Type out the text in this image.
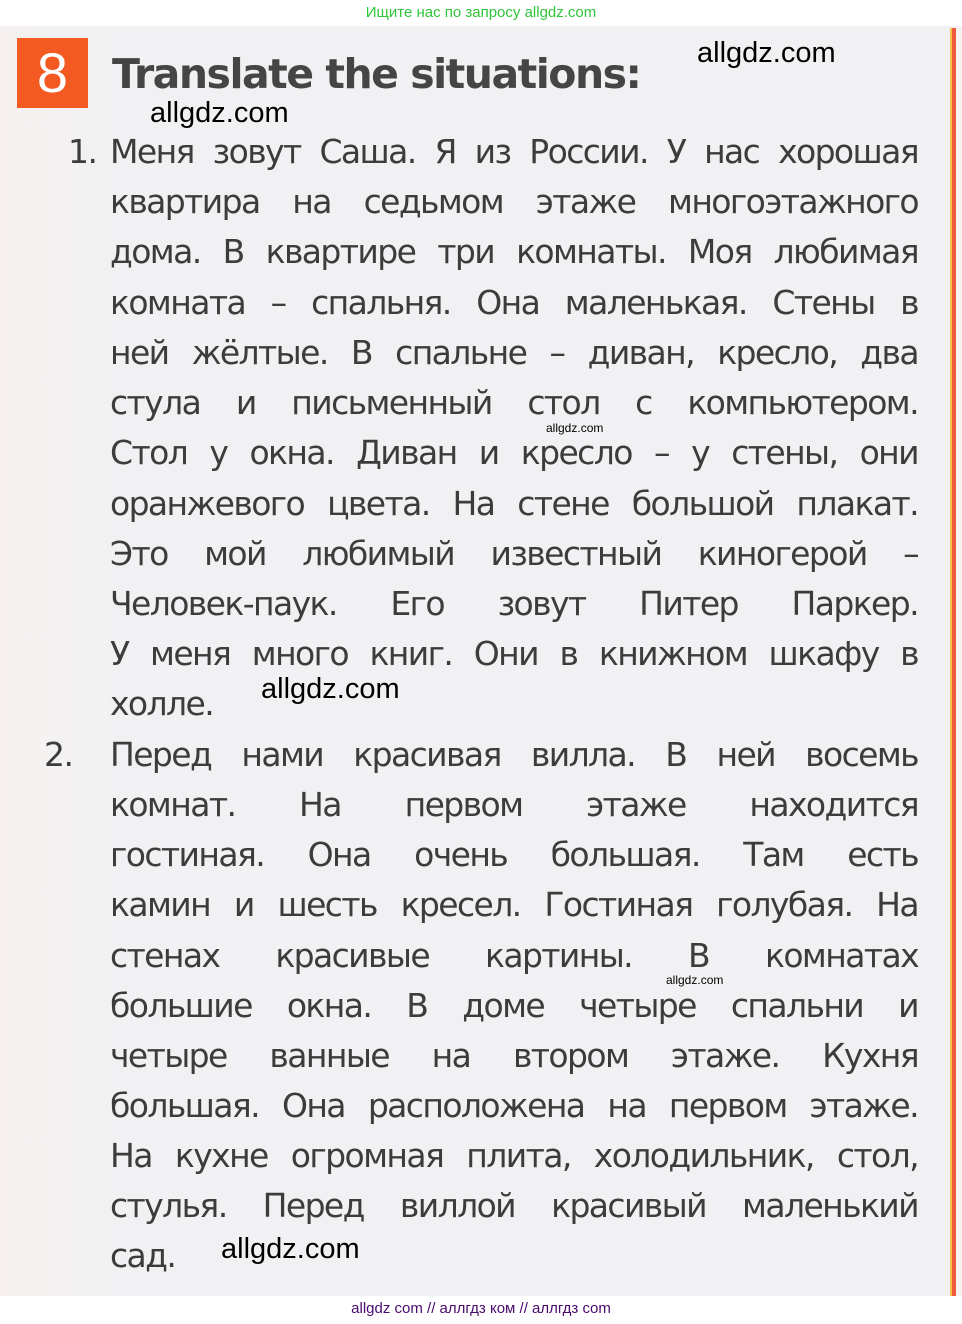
Ищите нас по запросу allgdz.com
8	Translate the situations: allgdz.com
allgdz.com
1. Меня зовут Саша. Я из России. У нас хорошая
квартира на седьмом этаже многоэтажного
дома. В квартире три комнаты. Моя любимая
комната – спальня. Она маленькая. Стены в
ней жёлтые. В спальне – диван, кресло, два
стула и письменный стол с компьютером.
allgdz.com
Стол у окна. Диван и кресло – у стены, они
оранжевого цвета. На стене большой плакат.
Это мой любимый известный киногерой –
Человек-паук. Его зовут Питер Паркер.
У меня много книг. Они в книжном шкафу в
холле.	allgdz.com
2. Перед нами красивая вилла. В ней восемь
комнат. На первом этаже находится
гостиная. Она очень большая. Там есть
камин и шесть кресел. Гостиная голубая. На
стенах красивые картины. В комнатах
allgdz.com
большие окна. В доме четыре спальни и
четыре ванные на втором этаже. Кухня
большая. Она расположена на первом этаже.
На кухне огромная плита, холодильник, стол,
стулья. Перед виллой красивый маленький
сад.	allgdz.com
allgdz com // аллгдз ком // аллгдз com
